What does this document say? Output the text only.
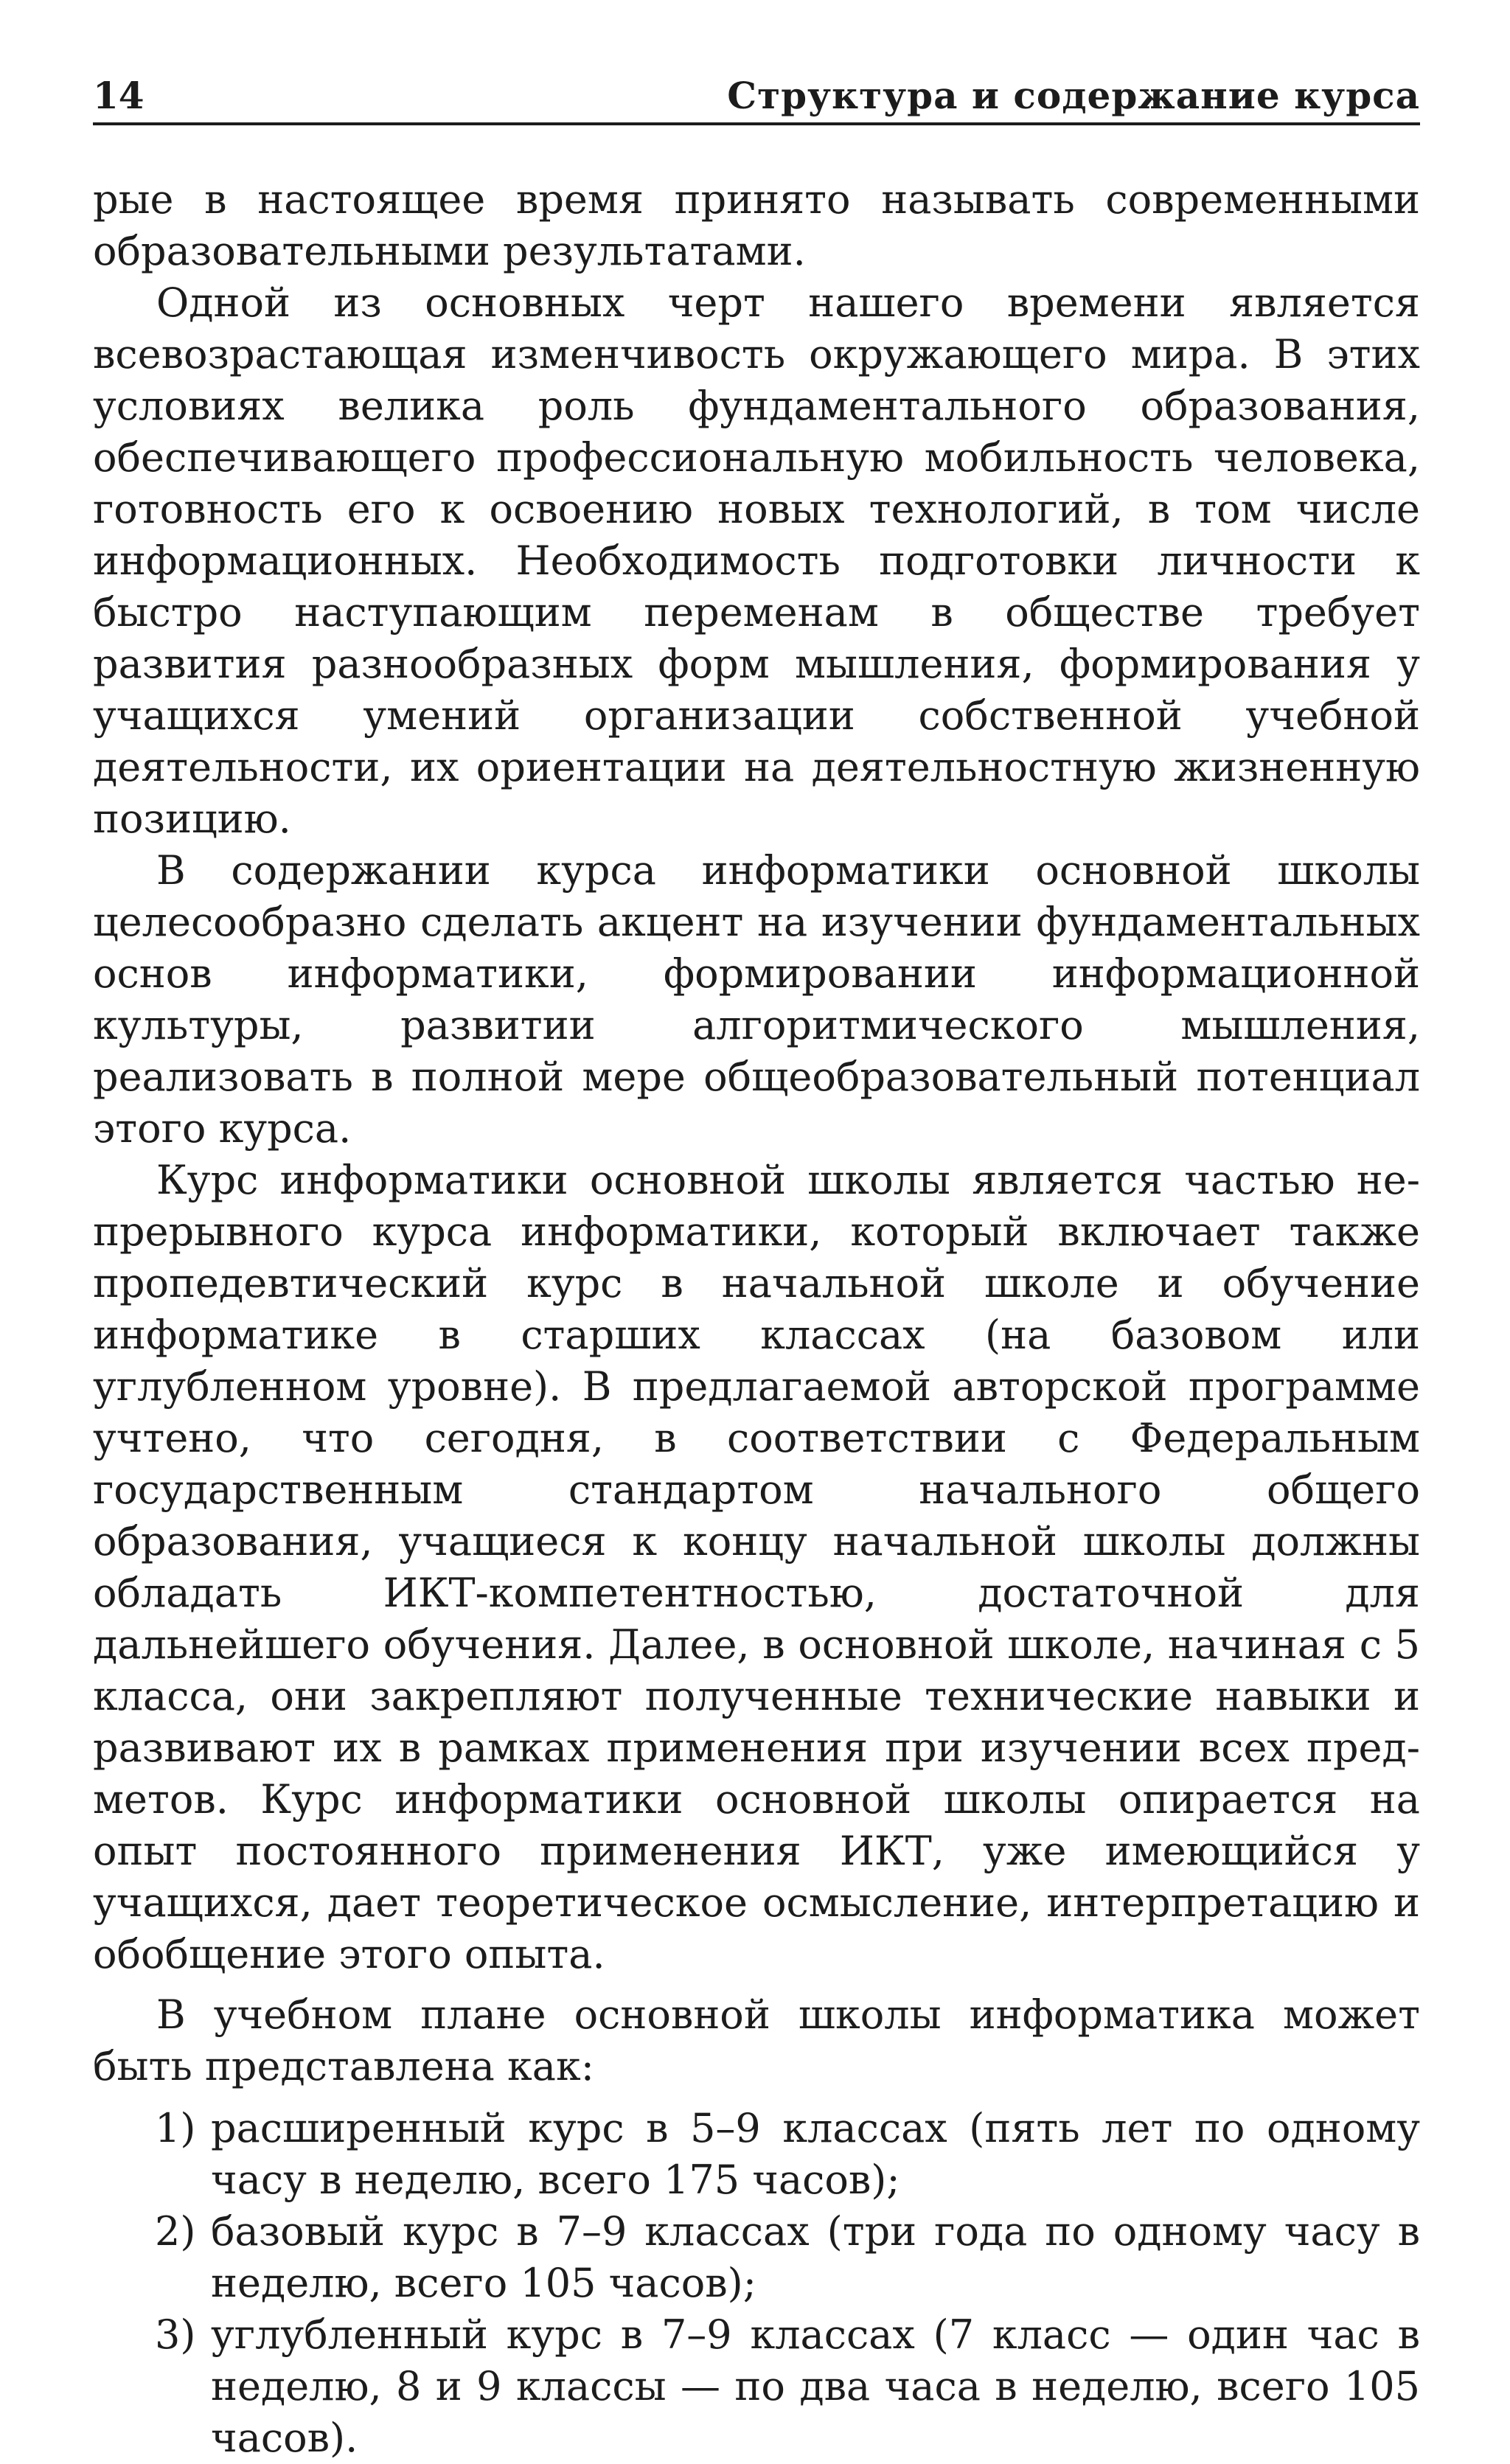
14	Структура и содержание курса

рые в настоящее время принято называть современными образовательными результатами.

Одной из основных черт нашего времени является всевозрастающая изменчивость окружающего мира. В этих условиях велика роль фундаментального образования, обеспечивающего профессиональную мобильность человека, готовность его к освоению новых технологий, в том числе информационных. Необходимость подготовки личности к быстро наступающим переменам в обществе требует развития разнообразных форм мышления, формирования у учащихся умений организации собственной учебной деятельности, их ориентации на деятельностную жизненную позицию.

В содержании курса информатики основной школы целесообразно сделать акцент на изучении фундаментальных основ информатики, формировании информационной культуры, развитии алгоритмического мышления, реализовать в полной мере общеобразовательный потенциал этого курса.

Курс информатики основной школы является частью непрерывного курса информатики, который включает также пропедевтический курс в начальной школе и обучение информатике в старших классах (на базовом или углубленном уровне). В предлагаемой авторской программе учтено, что сегодня, в соответствии с Федеральным государственным стандартом начального общего образования, учащиеся к концу начальной школы должны обладать ИКТ-компетентностью, достаточной для дальнейшего обучения. Далее, в основной школе, начиная с 5 класса, они закрепляют полученные технические навыки и развивают их в рамках применения при изучении всех предметов. Курс информатики основной школы опирается на опыт постоянного применения ИКТ, уже имеющийся у учащихся, дает теоретическое осмысление, интерпретацию и обобщение этого опыта.

В учебном плане основной школы информатика может быть представлена как:

1) расширенный курс в 5–9 классах (пять лет по одному часу в неделю, всего 175 часов);
2) базовый курс в 7–9 классах (три года по одному часу в неделю, всего 105 часов);
3) углубленный курс в 7–9 классах (7 класс — один час в неделю, 8 и 9 классы — по два часа в неделю, всего 105 часов).
